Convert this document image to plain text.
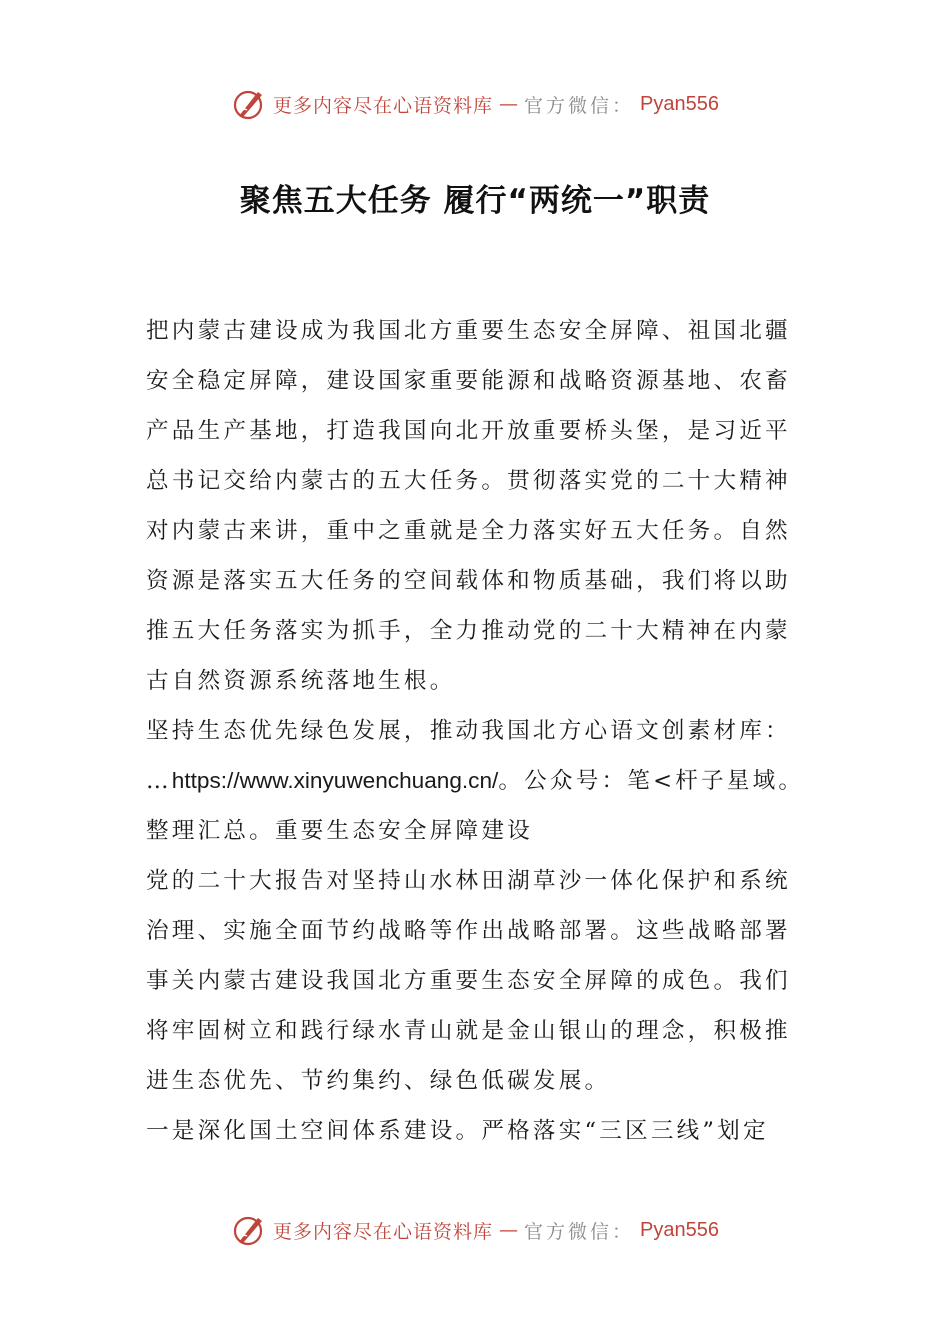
更多内容尽在心语资料库 — 官方微信： Pyan556
聚焦五大任务 履行“两统一”职责

把内蒙古建设成为我国北方重要生态安全屏障、祖国北疆安全稳定屏障，建设国家重要能源和战略资源基地、农畜产品生产基地，打造我国向北开放重要桥头堡，是习近平总书记交给内蒙古的五大任务。贯彻落实党的二十大精神对内蒙古来讲，重中之重就是全力落实好五大任务。自然资源是落实五大任务的空间载体和物质基础，我们将以助推五大任务落实为抓手，全力推动党的二十大精神在内蒙古自然资源系统落地生根。

坚持生态优先绿色发展，推动我国北方心语文创素材库：

…https://www.xinyuwenchuang.cn/。公众号：笔<杆子星域。

整理汇总。重要生态安全屏障建设

党的二十大报告对坚持山水林田湖草沙一体化保护和系统治理、实施全面节约战略等作出战略部署。这些战略部署事关内蒙古建设我国北方重要生态安全屏障的成色。我们将牢固树立和践行绿水青山就是金山银山的理念，积极推进生态优先、节约集约、绿色低碳发展。

一是深化国土空间体系建设。严格落实“三区三线”划定

更多内容尽在心语资料库 — 官方微信： Pyan556
